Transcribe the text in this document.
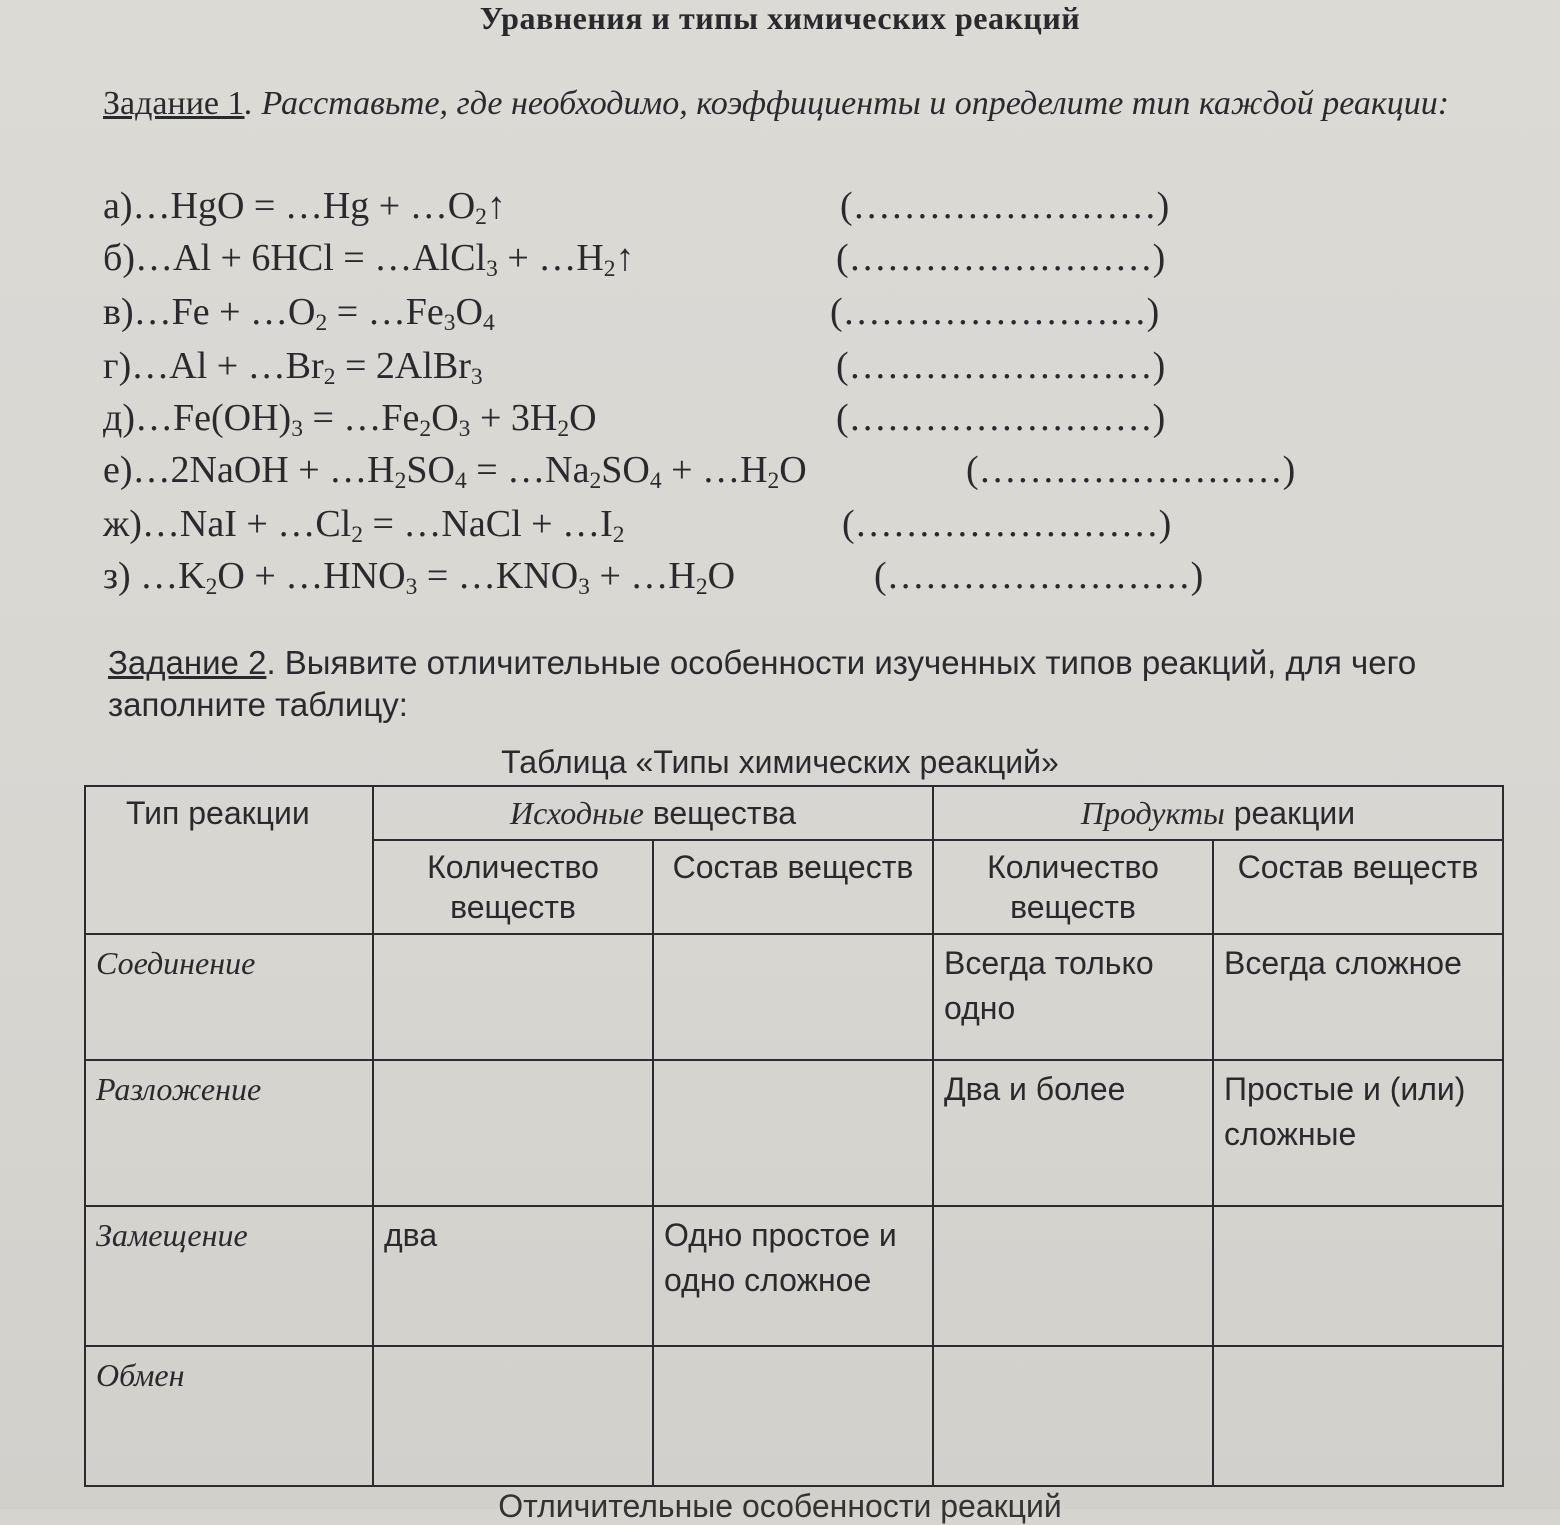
Уравнения и типы химических реакций
Задание 1. Расставьте, где необходимо, коэффициенты и определите тип каждой реакции:
а)…HgO = …Hg + $\dots O_2↑$	(……………………)
б)…Al + 6HCl = …AlCl$_3$ + $\dots H_2↑$	(……………………)
в)…Fe + $\dots O_2$ = $\dots Fe_3O_4$	(……………………)
г)…Al + $\dots Br_2$ = 2AlBr$_3$	(……………………)
$д)\dots Fe(OH)_3$ = $\dots Fe_2O_3 + 3H_2O$	(……………………)
е)…2NaOH + $\dots H_2SO_4$ = $\dots Na_2SO_4$ + $\dots H_2O$	(……………………)
ж)…NaI + $\dots Cl_2$ = …NaCl + $\dots I_2$	(……………………)
з) $\dots K_2O$ + $\dots HNO_3$ = $\dots KNO_3$ + $\dots H_2O$	(……………………)
Задание 2. Выявите отличительные особенности изученных типов реакций, для чего заполните таблицу:
Таблица «Типы химических реакций»
Тип реакции	Исходные вещества		Продукты реакции	
	Количество веществ	Состав веществ	Количество веществ	Состав веществ
Соединение			Всегда только одно	Всегда сложное
Разложение			Два и более	Простые и (или) сложные
Замещение	два	Одно простое и одно сложное		
Обмен				
Отличительные особенности реакций
